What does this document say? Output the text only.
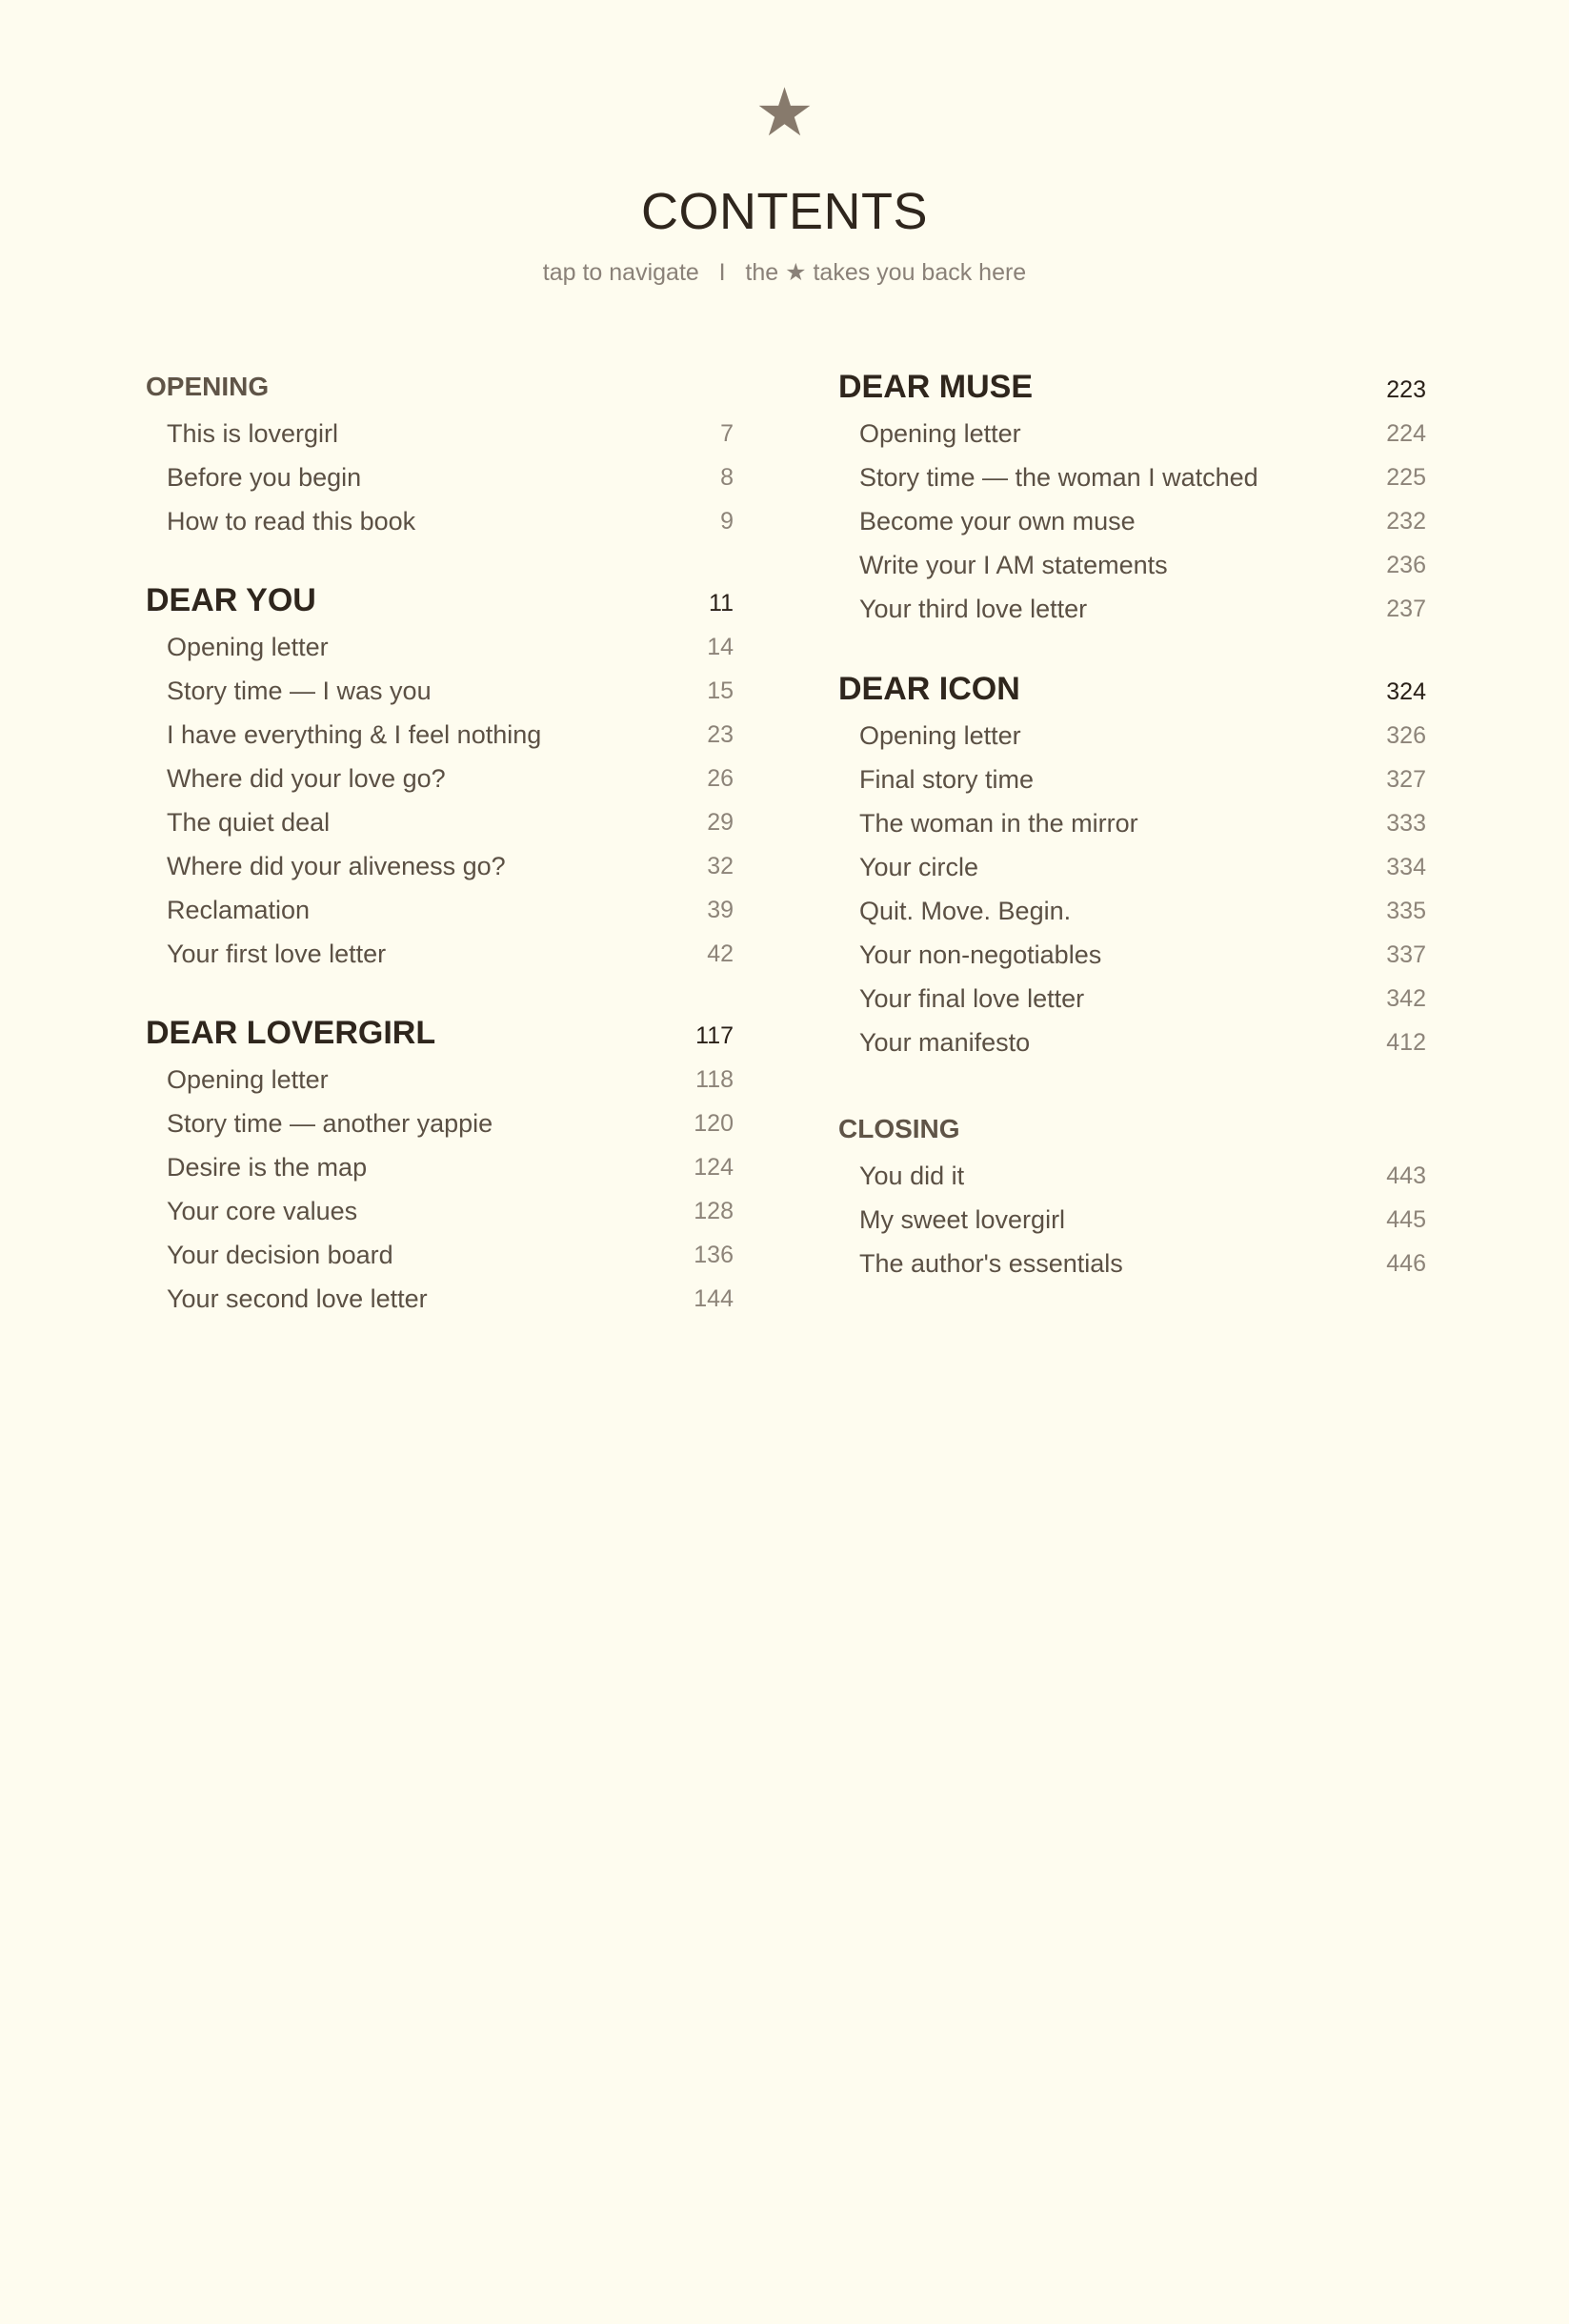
★
CONTENTS
tap to navigate   I   the ★ takes you back here
OPENING
This is lovergirl	7
Before you begin	8
How to read this book	9
DEAR YOU	11
Opening letter	14
Story time — I was you	15
I have everything & I feel nothing	23
Where did your love go?	26
The quiet deal	29
Where did your aliveness go?	32
Reclamation	39
Your first love letter	42
DEAR LOVERGIRL	117
Opening letter	118
Story time — another yappie	120
Desire is the map	124
Your core values	128
Your decision board	136
Your second love letter	144
DEAR MUSE	223
Opening letter	224
Story time — the woman I watched	225
Become your own muse	232
Write your I AM statements	236
Your third love letter	237
DEAR ICON	324
Opening letter	326
Final story time	327
The woman in the mirror	333
Your circle	334
Quit. Move. Begin.	335
Your non-negotiables	337
Your final love letter	342
Your manifesto	412
CLOSING
You did it	443
My sweet lovergirl	445
The author's essentials	446
